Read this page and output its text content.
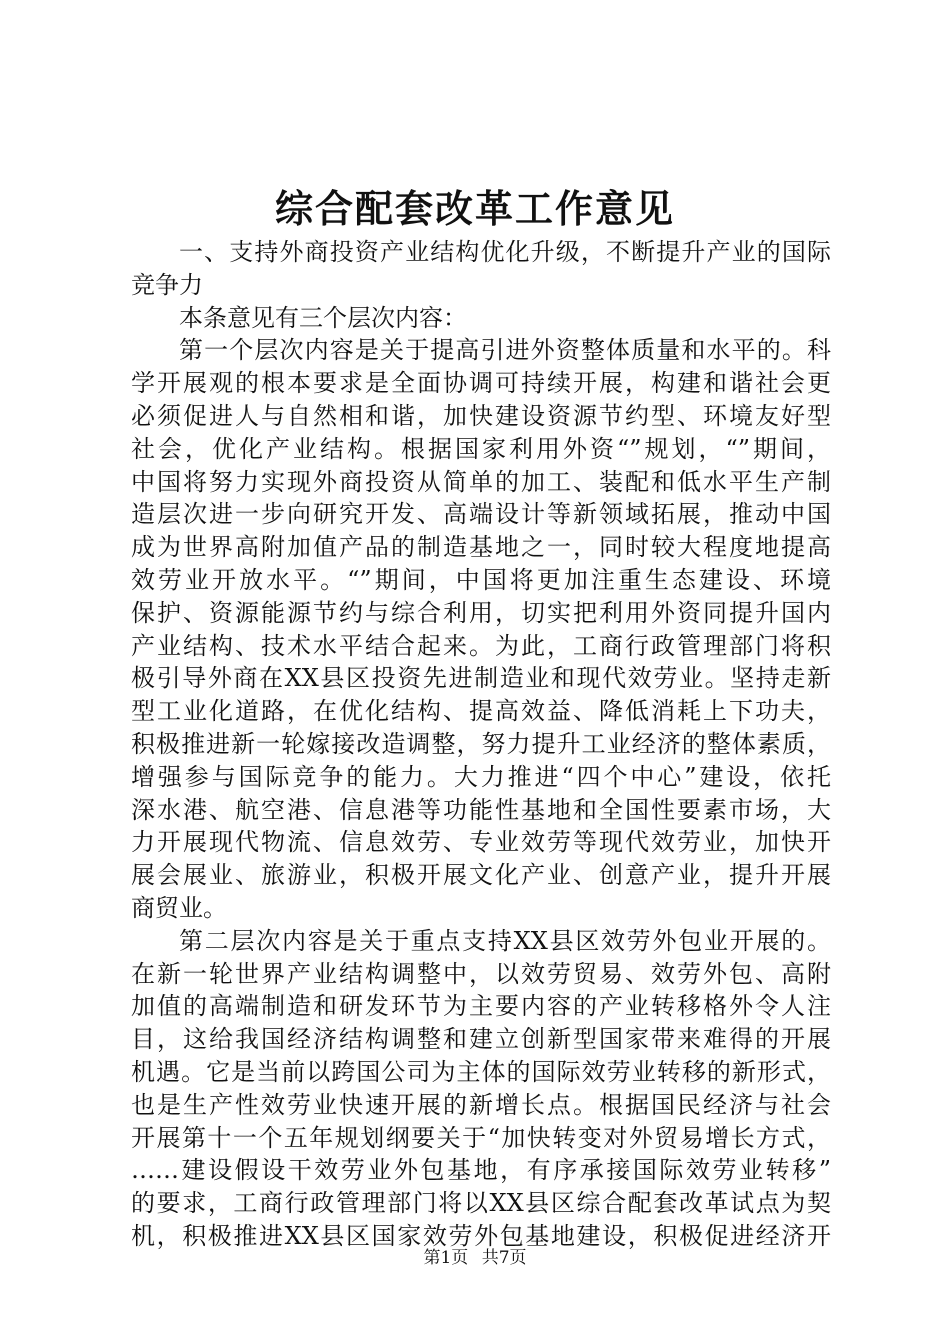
综合配套改革工作意见
一、支持外商投资产业结构优化升级，不断提升产业的国际
竞争力
本条意见有三个层次内容：
第一个层次内容是关于提高引进外资整体质量和水平的。科
学开展观的根本要求是全面协调可持续开展，构建和谐社会更
必须促进人与自然相和谐，加快建设资源节约型、环境友好型
社会，优化产业结构。根据国家利用外资“”规划，“”期间，
中国将努力实现外商投资从简单的加工、装配和低水平生产制
造层次进一步向研究开发、高端设计等新领域拓展，推动中国
成为世界高附加值产品的制造基地之一，同时较大程度地提高
效劳业开放水平。“”期间，中国将更加注重生态建设、环境
保护、资源能源节约与综合利用，切实把利用外资同提升国内
产业结构、技术水平结合起来。为此，工商行政管理部门将积
极引导外商在XX县区投资先进制造业和现代效劳业。坚持走新
型工业化道路，在优化结构、提高效益、降低消耗上下功夫，
积极推进新一轮嫁接改造调整，努力提升工业经济的整体素质，
增强参与国际竞争的能力。大力推进“四个中心”建设，依托
深水港、航空港、信息港等功能性基地和全国性要素市场，大
力开展现代物流、信息效劳、专业效劳等现代效劳业，加快开
展会展业、旅游业，积极开展文化产业、创意产业，提升开展
商贸业。
第二层次内容是关于重点支持XX县区效劳外包业开展的。
在新一轮世界产业结构调整中，以效劳贸易、效劳外包、高附
加值的高端制造和研发环节为主要内容的产业转移格外令人注
目，这给我国经济结构调整和建立创新型国家带来难得的开展
机遇。它是当前以跨国公司为主体的国际效劳业转移的新形式，
也是生产性效劳业快速开展的新增长点。根据国民经济与社会
开展第十一个五年规划纲要关于“加快转变对外贸易增长方式，
……建设假设干效劳业外包基地，有序承接国际效劳业转移”
的要求，工商行政管理部门将以XX县区综合配套改革试点为契
机，积极推进XX县区国家效劳外包基地建设，积极促进经济开
第1页 共7页
